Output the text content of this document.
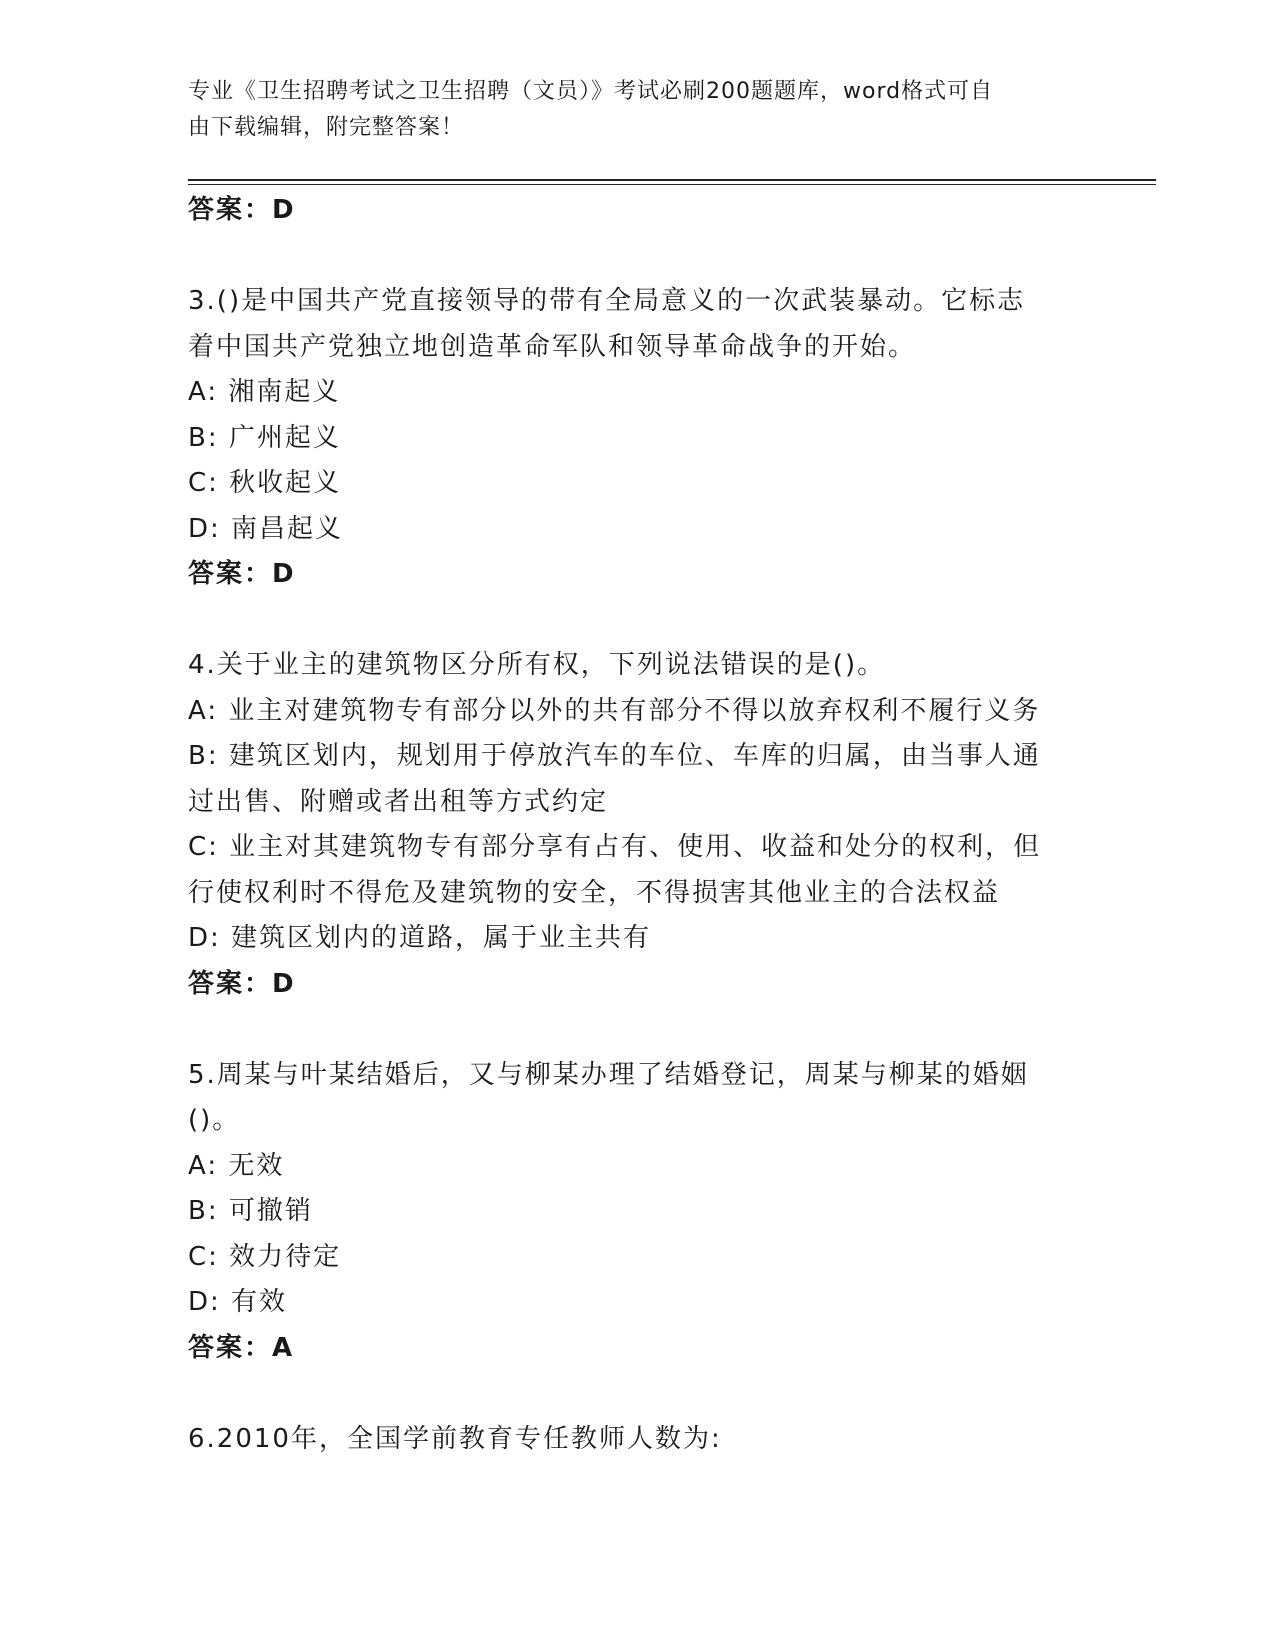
专业《卫生招聘考试之卫生招聘（文员）》考试必刷200题题库，word格式可自
由下载编辑，附完整答案！
答案：D
3.()是中国共产党直接领导的带有全局意义的一次武装暴动。它标志
着中国共产党独立地创造革命军队和领导革命战争的开始。
A: 湘南起义
B: 广州起义
C: 秋收起义
D: 南昌起义
答案：D
4.关于业主的建筑物区分所有权，下列说法错误的是()。
A: 业主对建筑物专有部分以外的共有部分不得以放弃权利不履行义务
B: 建筑区划内，规划用于停放汽车的车位、车库的归属，由当事人通
过出售、附赠或者出租等方式约定
C: 业主对其建筑物专有部分享有占有、使用、收益和处分的权利，但
行使权利时不得危及建筑物的安全，不得损害其他业主的合法权益
D: 建筑区划内的道路，属于业主共有
答案：D
5.周某与叶某结婚后，又与柳某办理了结婚登记，周某与柳某的婚姻
()。
A: 无效
B: 可撤销
C: 效力待定
D: 有效
答案：A
6.2010年，全国学前教育专任教师人数为:
